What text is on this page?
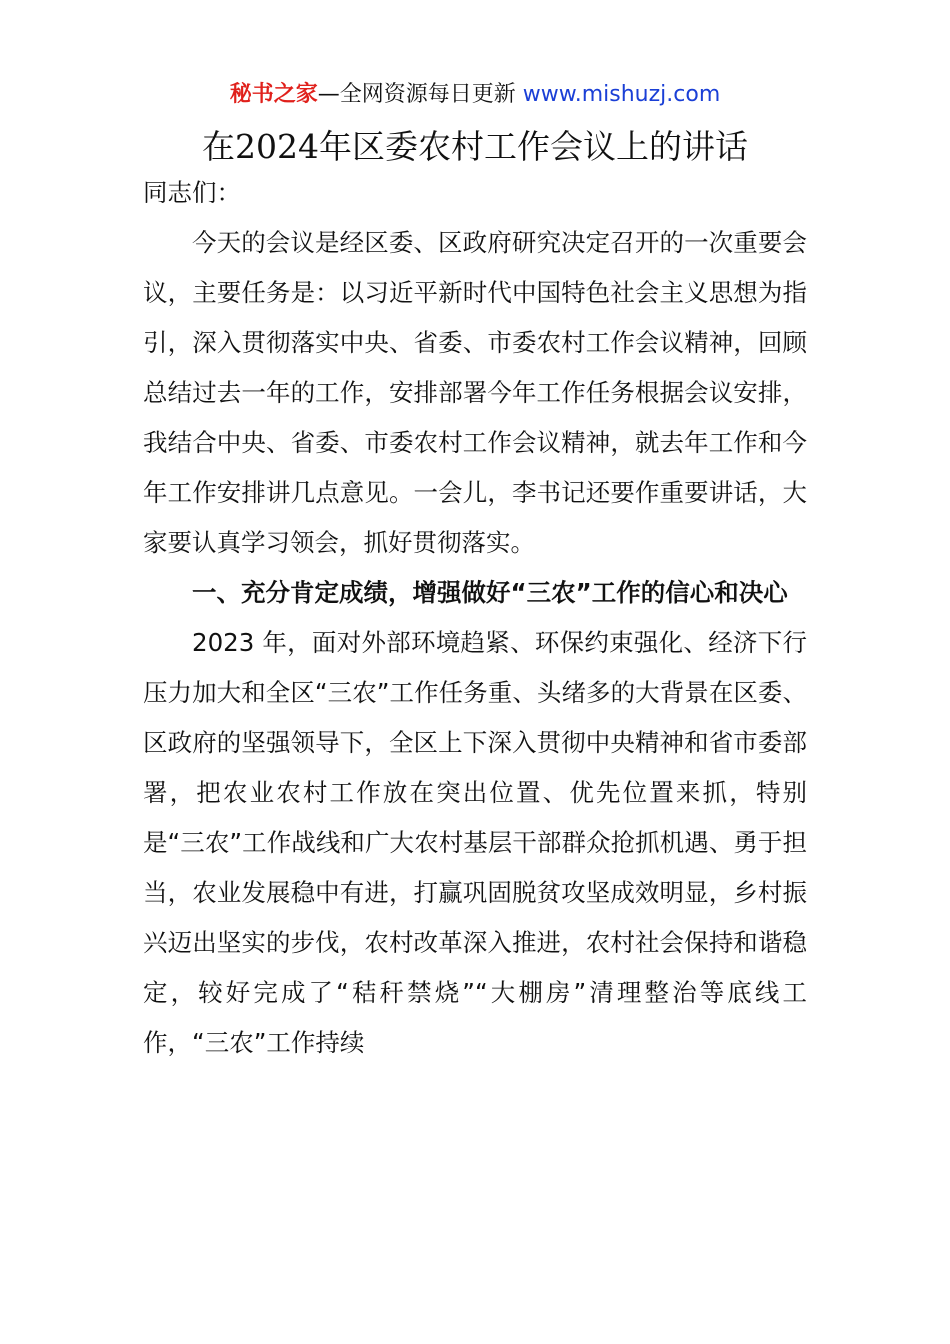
秘书之家—全网资源每日更新 www.mishuzj.com
在2024年区委农村工作会议上的讲话

同志们：

今天的会议是经区委、区政府研究决定召开的一次重要会议，主要任务是：以习近平新时代中国特色社会主义思想为指引，深入贯彻落实中央、省委、市委农村工作会议精神，回顾总结过去一年的工作，安排部署今年工作任务根据会议安排，我结合中央、省委、市委农村工作会议精神，就去年工作和今年工作安排讲几点意见。一会儿，李书记还要作重要讲话，大家要认真学习领会，抓好贯彻落实。

一、充分肯定成绩，增强做好“三农”工作的信心和决心

2023 年，面对外部环境趋紧、环保约束强化、经济下行压力加大和全区“三农”工作任务重、头绪多的大背景在区委、区政府的坚强领导下，全区上下深入贯彻中央精神和省市委部署，把农业农村工作放在突出位置、优先位置来抓，特别是“三农”工作战线和广大农村基层干部群众抢抓机遇、勇于担当，农业发展稳中有进，打赢巩固脱贫攻坚成效明显，乡村振兴迈出坚实的步伐，农村改革深入推进，农村社会保持和谐稳定，较好完成了“秸秆禁烧”“大棚房”清理整治等底线工作，“三农”工作持续
